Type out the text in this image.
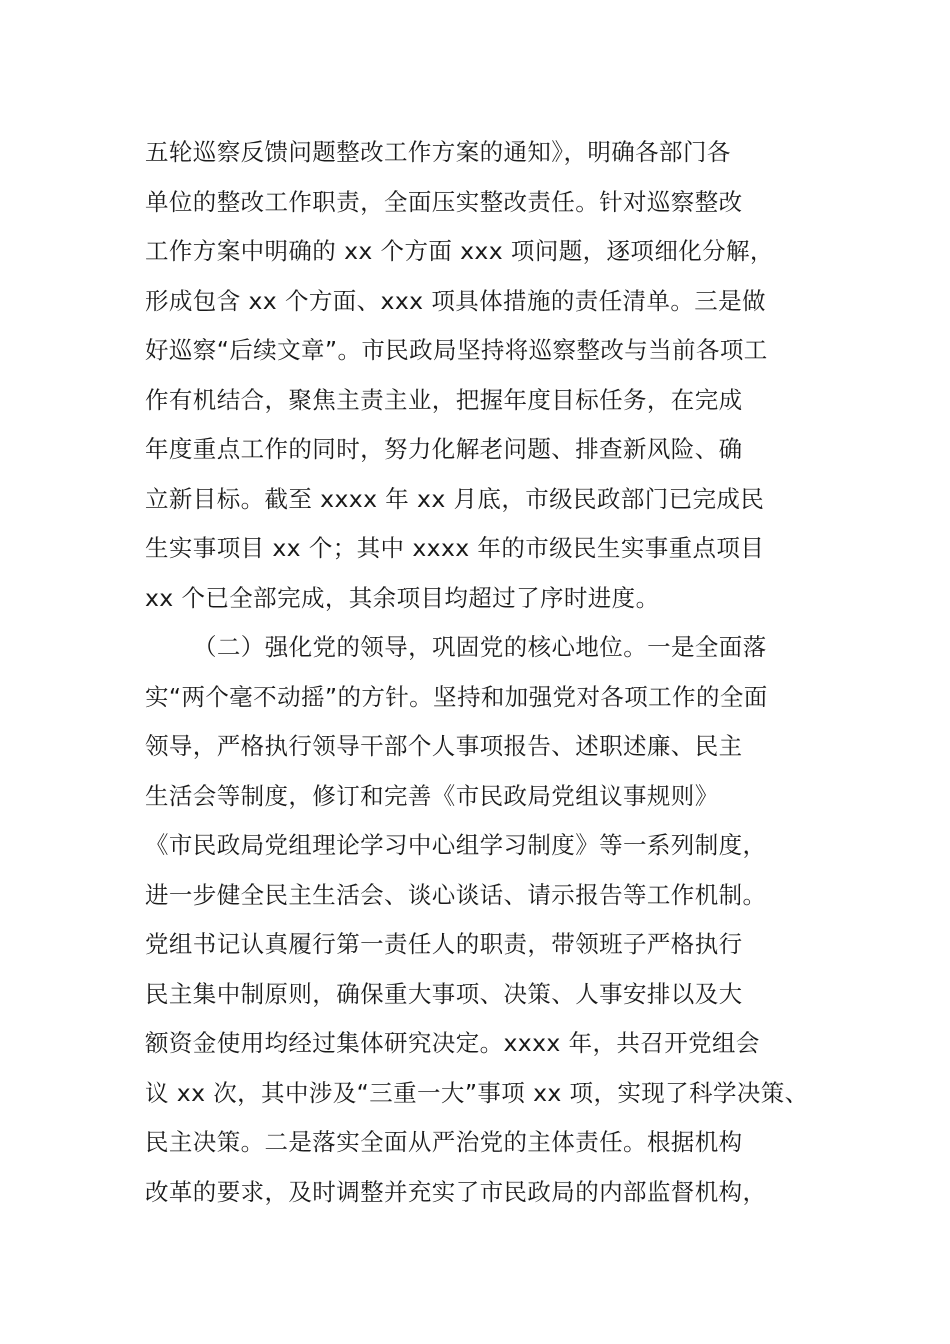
五轮巡察反馈问题整改工作方案的通知》，明确各部门各
单位的整改工作职责，全面压实整改责任。针对巡察整改
工作方案中明确的 xx 个方面 xxx 项问题，逐项细化分解，
形成包含 xx 个方面、xxx 项具体措施的责任清单。三是做
好巡察“后续文章”。市民政局坚持将巡察整改与当前各项工
作有机结合，聚焦主责主业，把握年度目标任务，在完成
年度重点工作的同时，努力化解老问题、排查新风险、确
立新目标。截至 xxxx 年 xx 月底，市级民政部门已完成民
生实事项目 xx 个；其中 xxxx 年的市级民生实事重点项目
xx 个已全部完成，其余项目均超过了序时进度。
（二）强化党的领导，巩固党的核心地位。一是全面落
实“两个毫不动摇”的方针。坚持和加强党对各项工作的全面
领导，严格执行领导干部个人事项报告、述职述廉、民主
生活会等制度，修订和完善《市民政局党组议事规则》
《市民政局党组理论学习中心组学习制度》等一系列制度，
进一步健全民主生活会、谈心谈话、请示报告等工作机制。
党组书记认真履行第一责任人的职责，带领班子严格执行
民主集中制原则，确保重大事项、决策、人事安排以及大
额资金使用均经过集体研究决定。xxxx 年，共召开党组会
议 xx 次，其中涉及“三重一大”事项 xx 项，实现了科学决策、
民主决策。二是落实全面从严治党的主体责任。根据机构
改革的要求，及时调整并充实了市民政局的内部监督机构，
